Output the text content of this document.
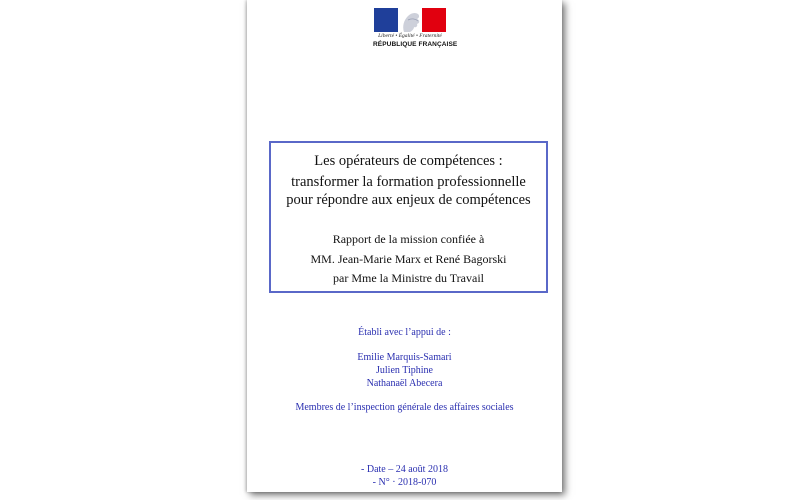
Liberté • Égalité • Fraternité
RÉPUBLIQUE FRANÇAISE
Les opérateurs de compétences :
transformer la formation professionnelle
pour répondre aux enjeux de compétences
Rapport de la mission confiée à
MM. Jean-Marie Marx et René Bagorski
par Mme la Ministre du Travail
Établi avec l’appui de :
Emilie Marquis-Samari
Julien Tiphine
Nathanaël Abecera
Membres de l’inspection générale des affaires sociales
- Date – 24 août 2018
- N° · 2018-070
